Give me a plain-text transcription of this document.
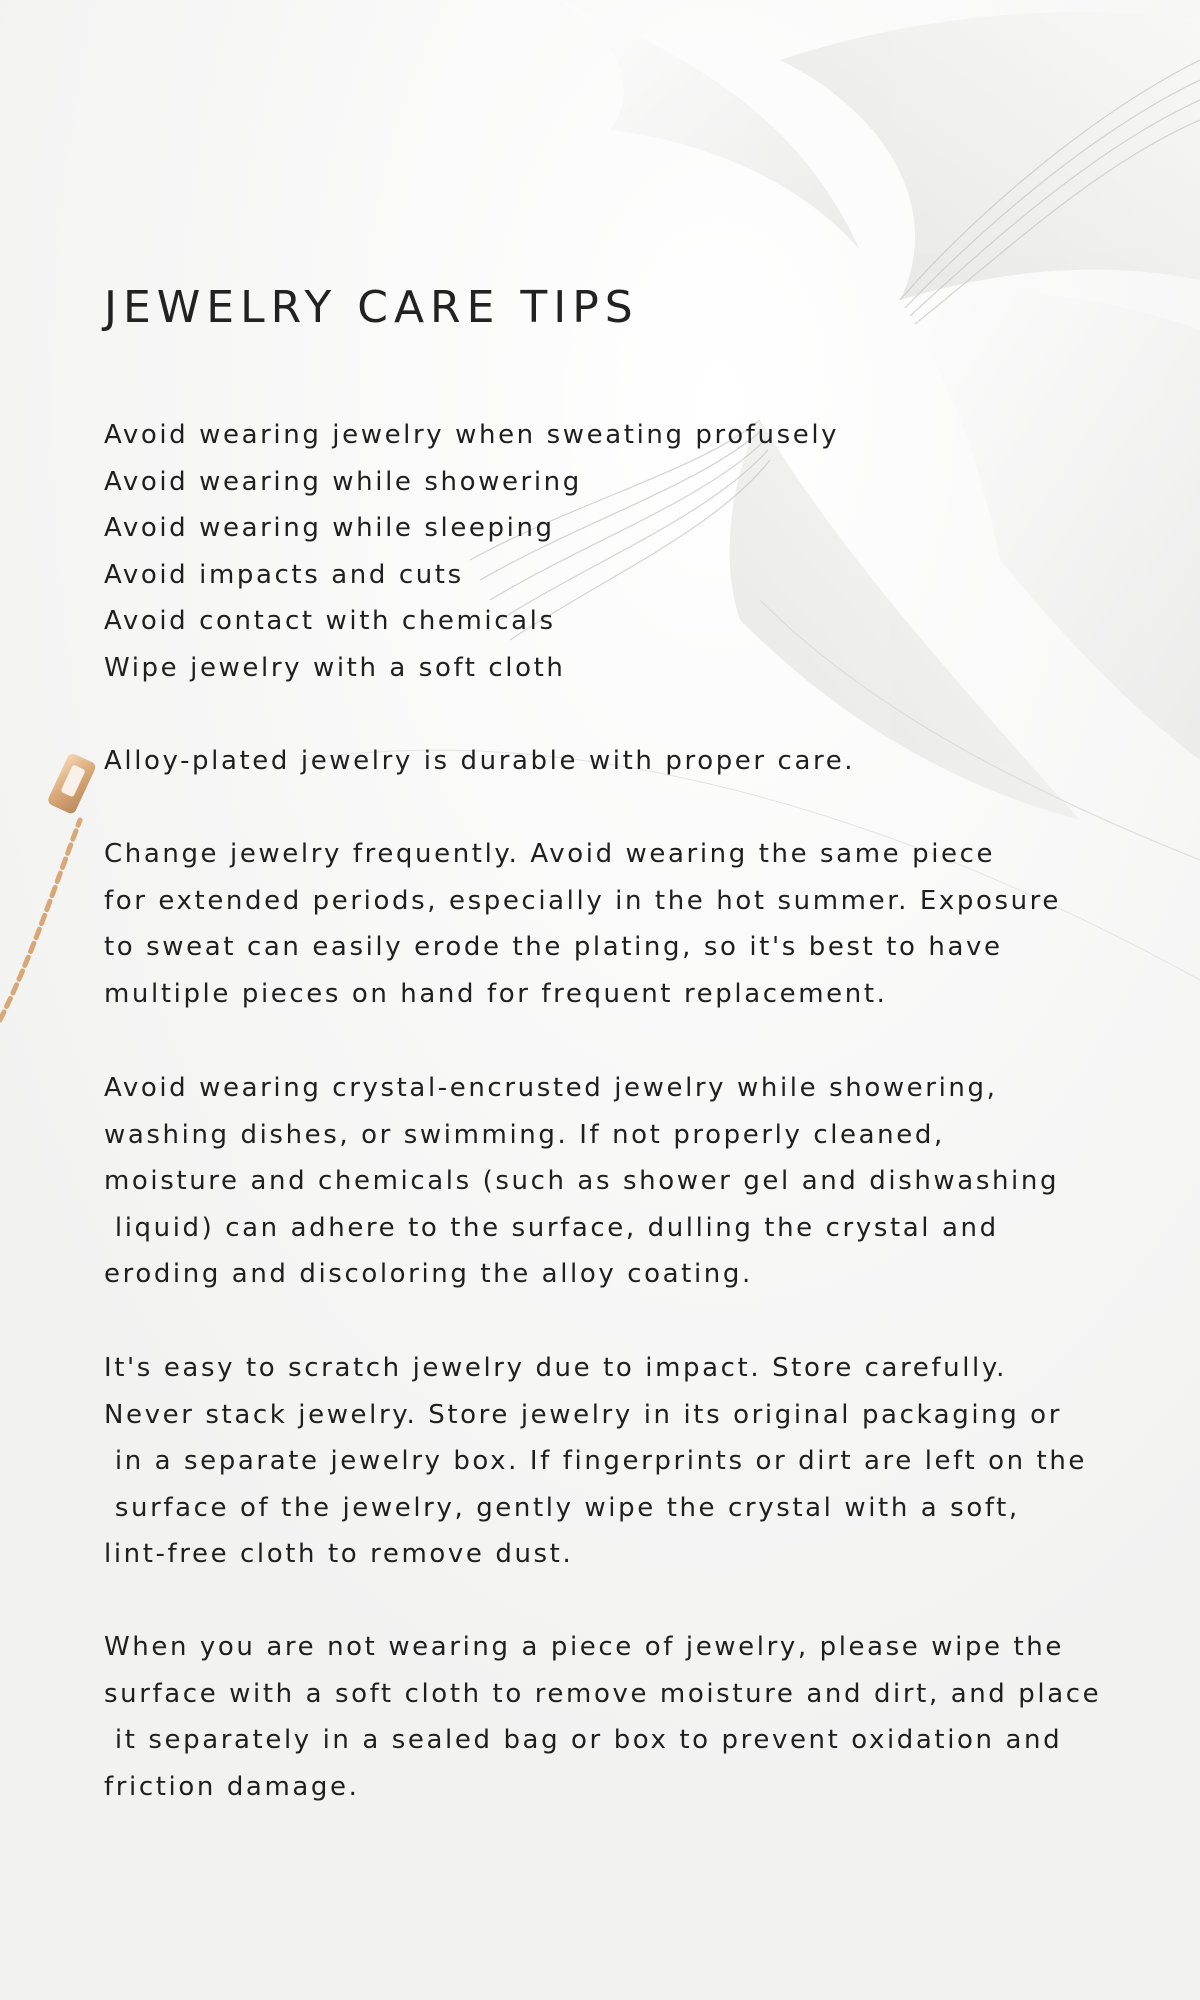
JEWELRY CARE TIPS
Avoid wearing jewelry when sweating profusely
Avoid wearing while showering
Avoid wearing while sleeping
Avoid impacts and cuts
Avoid contact with chemicals
Wipe jewelry with a soft cloth

Alloy-plated jewelry is durable with proper care.

Change jewelry frequently. Avoid wearing the same piece
for extended periods, especially in the hot summer. Exposure
to sweat can easily erode the plating, so it's best to have
multiple pieces on hand for frequent replacement.

Avoid wearing crystal-encrusted jewelry while showering,
washing dishes, or swimming. If not properly cleaned,
moisture and chemicals (such as shower gel and dishwashing
liquid) can adhere to the surface, dulling the crystal and
eroding and discoloring the alloy coating.

It's easy to scratch jewelry due to impact. Store carefully.
Never stack jewelry. Store jewelry in its original packaging or
in a separate jewelry box. If fingerprints or dirt are left on the
surface of the jewelry, gently wipe the crystal with a soft,
lint-free cloth to remove dust.

When you are not wearing a piece of jewelry, please wipe the
surface with a soft cloth to remove moisture and dirt, and place
it separately in a sealed bag or box to prevent oxidation and
friction damage.
